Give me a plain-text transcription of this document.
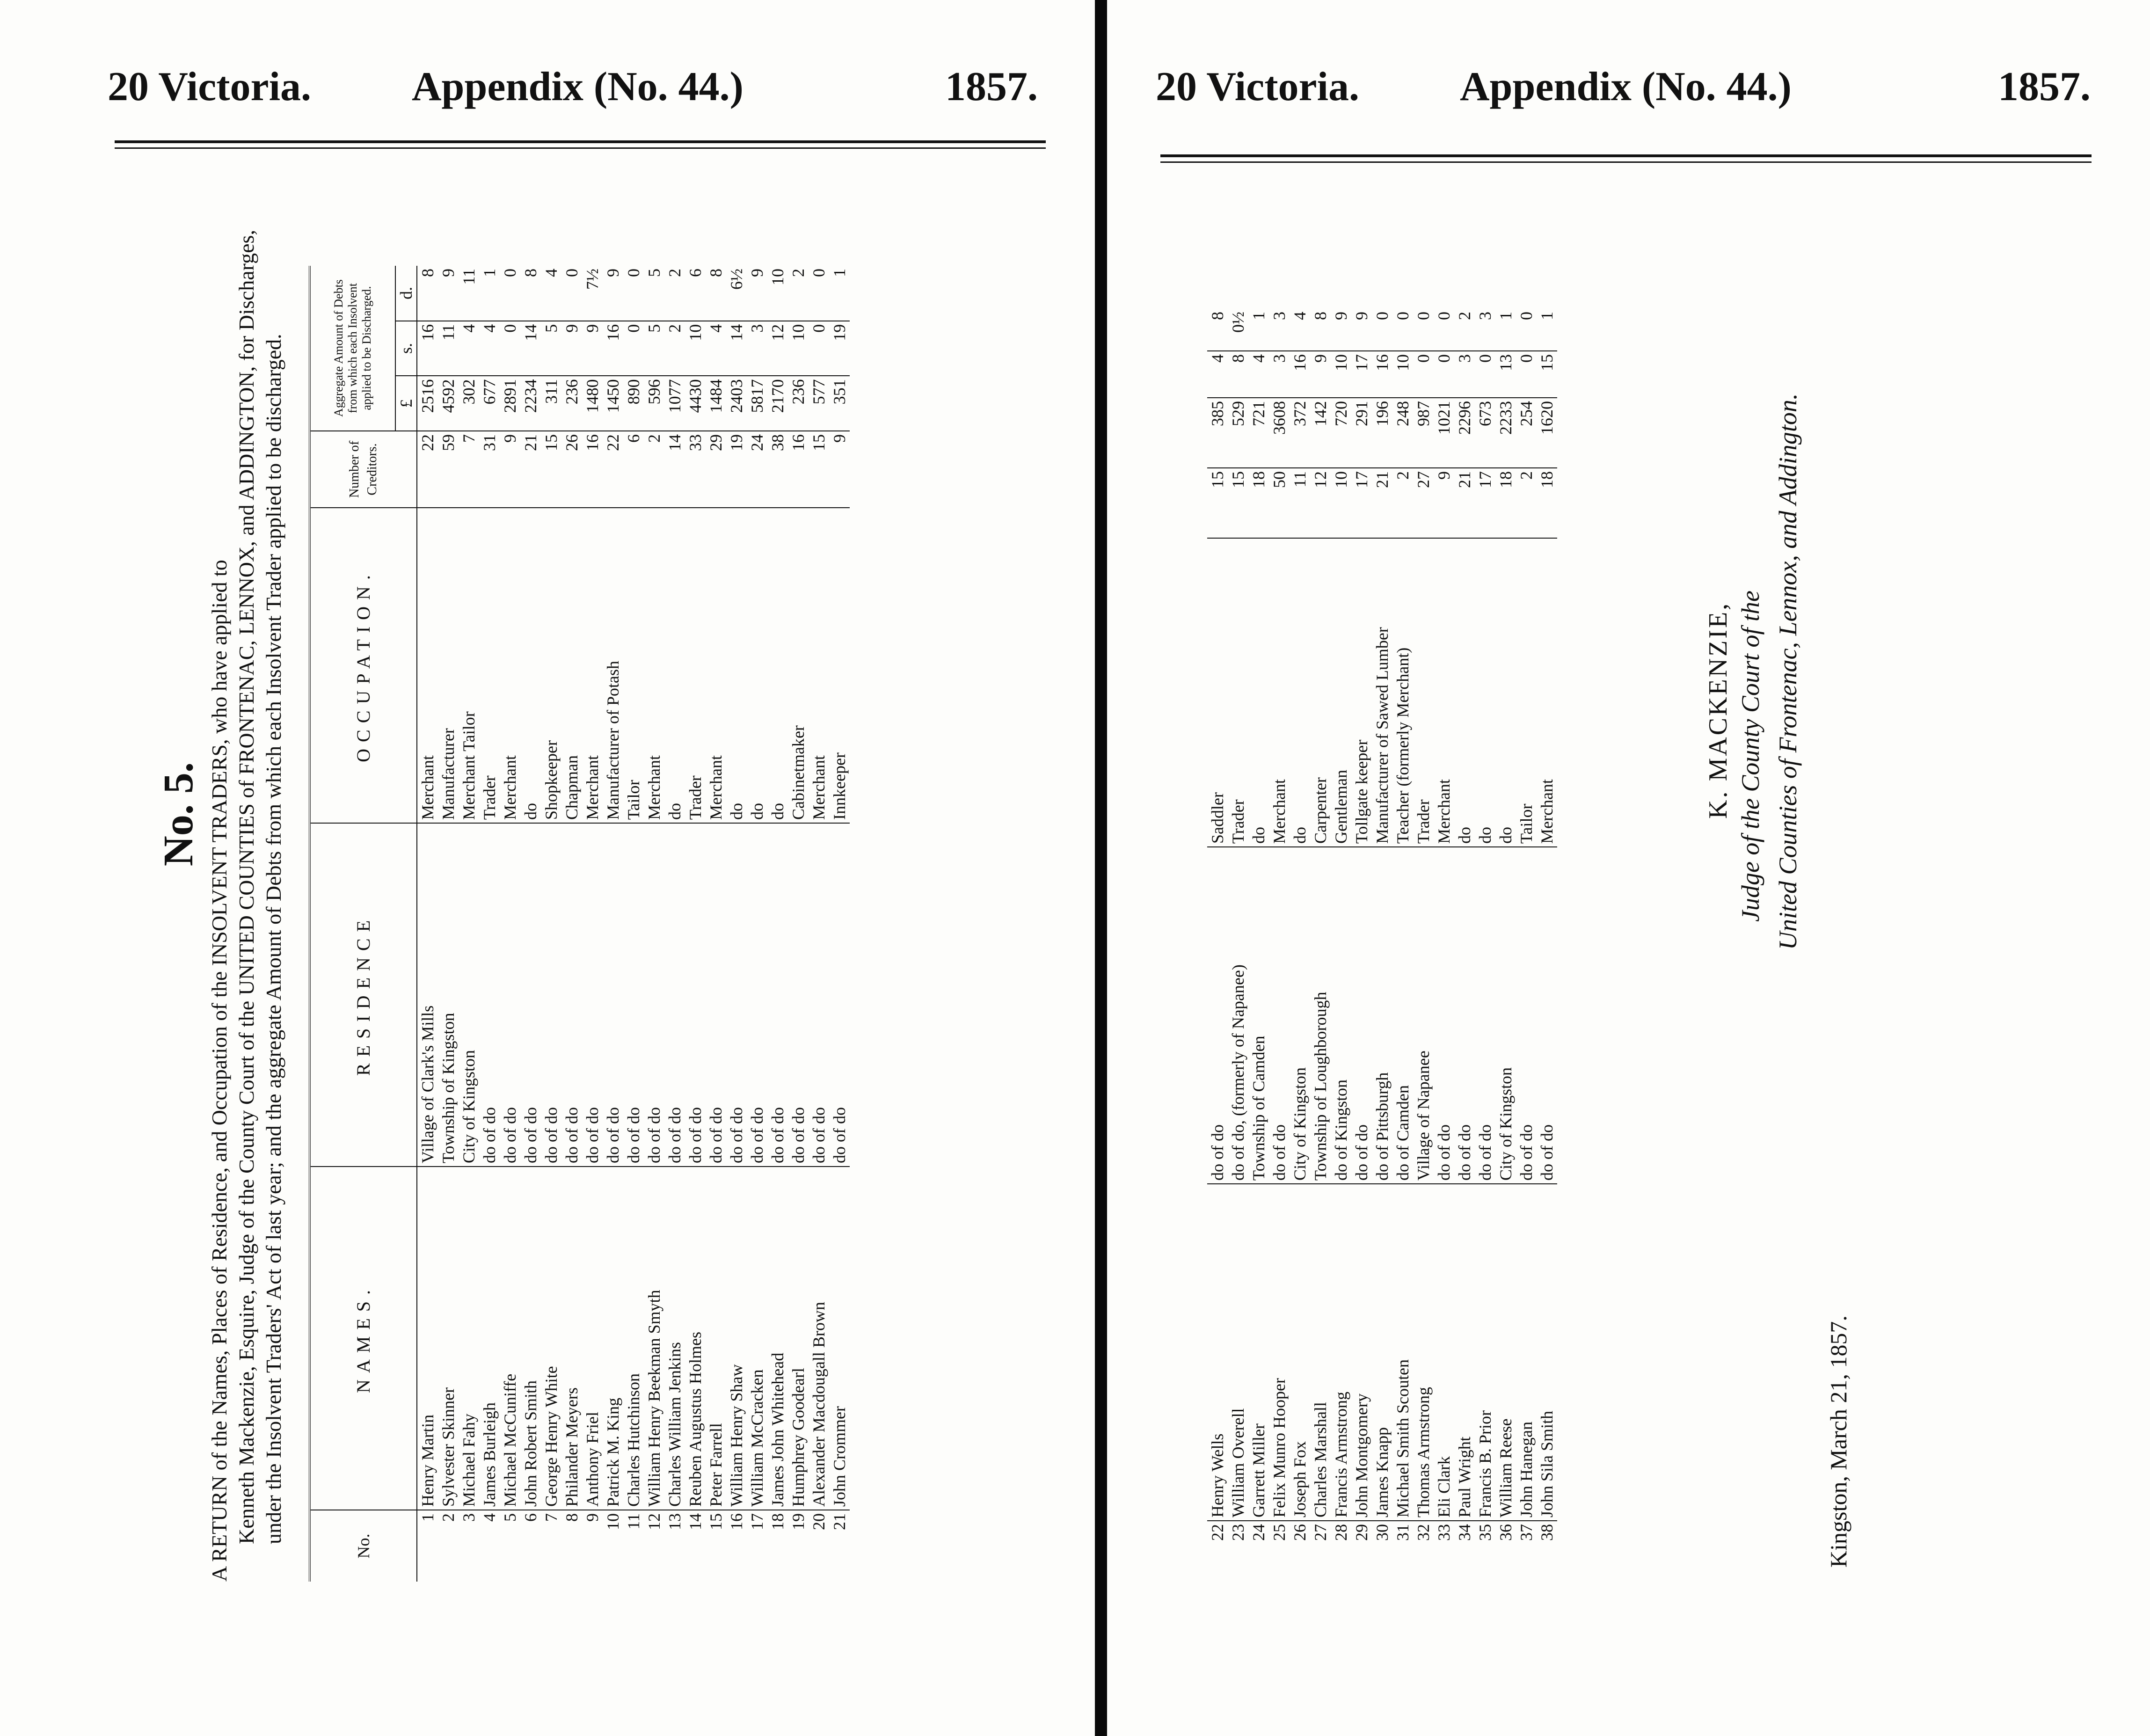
20 Victoria. Appendix (No. 44.)	1857.
No. 5. A RETURN of the Names, Places of Residence, and Occupation of the INSOLVENT TRADERS, who have applied to Kenneth Mackenzie, Esquire, Judge of the County Court of the UNITED COUNTIES of FRONTENAC, LENNOX, and ADDINGTON, for Discharges, under the Insolvent Traders' Act of last year; and the aggregate Amount of Debts from which each Insolvent Trader applied to be discharged.
No.	NAMES.	RESIDENCE	OCCUPATION.	Number of Creditors.	Aggregate Amount of Debts from which each Insolvent applied to be Discharged.		
					£	s.	d.
1	Henry Martin	Village of Clark's Mills	Merchant	22	2516	16	8
2	Sylvester Skinner	Township of Kingston	Manufacturer	59	4592	11	9
3	Michael Fahy	City of Kingston	Merchant Tailor	7	302	4	11
4	James Burleigh	do of do	Trader	31	677	4	1
5	Michael McCuniffe	do of do	Merchant	9	2891	0	0
6	John Robert Smith	do of do	do	21	2234	14	8
7	George Henry White	do of do	Shopkeeper	15	311	5	4
8	Philander Meyers	do of do	Chapman	26	236	9	0
9	Anthony Friel	do of do	Merchant	16	1480	9	7½
10	Patrick M. King	do of do	Manufacturer of Potash	22	1450	16	9
11	Charles Hutchinson	do of do	Tailor	6	890	0	0
12	William Henry Beekman Smyth	do of do	Merchant	2	596	5	5
13	Charles William Jenkins	do of do	do	14	1077	2	2
14	Reuben Augustus Holmes	do of do	Trader	33	4430	10	6
15	Peter Farrell	do of do	Merchant	29	1484	4	8
16	William Henry Shaw	do of do	do	19	2403	14	6½
17	William McCracken	do of do	do	24	5817	3	9
18	James John Whitehead	do of do	do	38	2170	12	10
19	Humphrey Goodearl	do of do	Cabinetmaker	16	236	10	2
20	Alexander Macdougall Brown	do of do	Merchant	15	577	0	0
21	John Crommer	do of do	Innkeeper	9	351	19	1
20 Victoria. Appendix (No. 44.)	1857.
22	Henry Wells	do of do	Saddler	15	385	4	8
23	William Overell	do of do, (formerly of Napanee)	Trader	15	529	8	0½
24	Garrett Miller	Township of Camden	do	18	721	4	1
25	Felix Munro Hooper	do of do	Merchant	50	3608	3	3
26	Joseph Fox	City of Kingston	do	11	372	16	4
27	Charles Marshall	Township of Loughborough	Carpenter	12	142	9	8
28	Francis Armstrong	do of Kingston	Gentleman	10	720	10	9
29	John Montgomery	do of do	Tollgate keeper	17	291	17	9
30	James Knapp	do of Pittsburgh	Manufacturer of Sawed Lumber	21	196	16	0
31	Michael Smith Scouten	do of Camden	Teacher (formerly Merchant)	2	248	10	0
32	Thomas Armstrong	Village of Napanee	Trader	27	987	0	0
33	Eli Clark	do of do	Merchant	9	1021	0	0
34	Paul Wright	do of do	do	21	2296	3	2
35	Francis B. Prior	do of do	do	17	673	0	3
36	William Reese	City of Kingston	do	18	2233	13	1
37	John Hanegan	do of do	Tailor	2	254	0	0
38	John Sila Smith	do of do	Merchant	18	1620	15	1
K. MACKENZIE, Judge of the County Court of the United Counties of Frontenac, Lennox, and Addington.
Kingston, March 21, 1857.
